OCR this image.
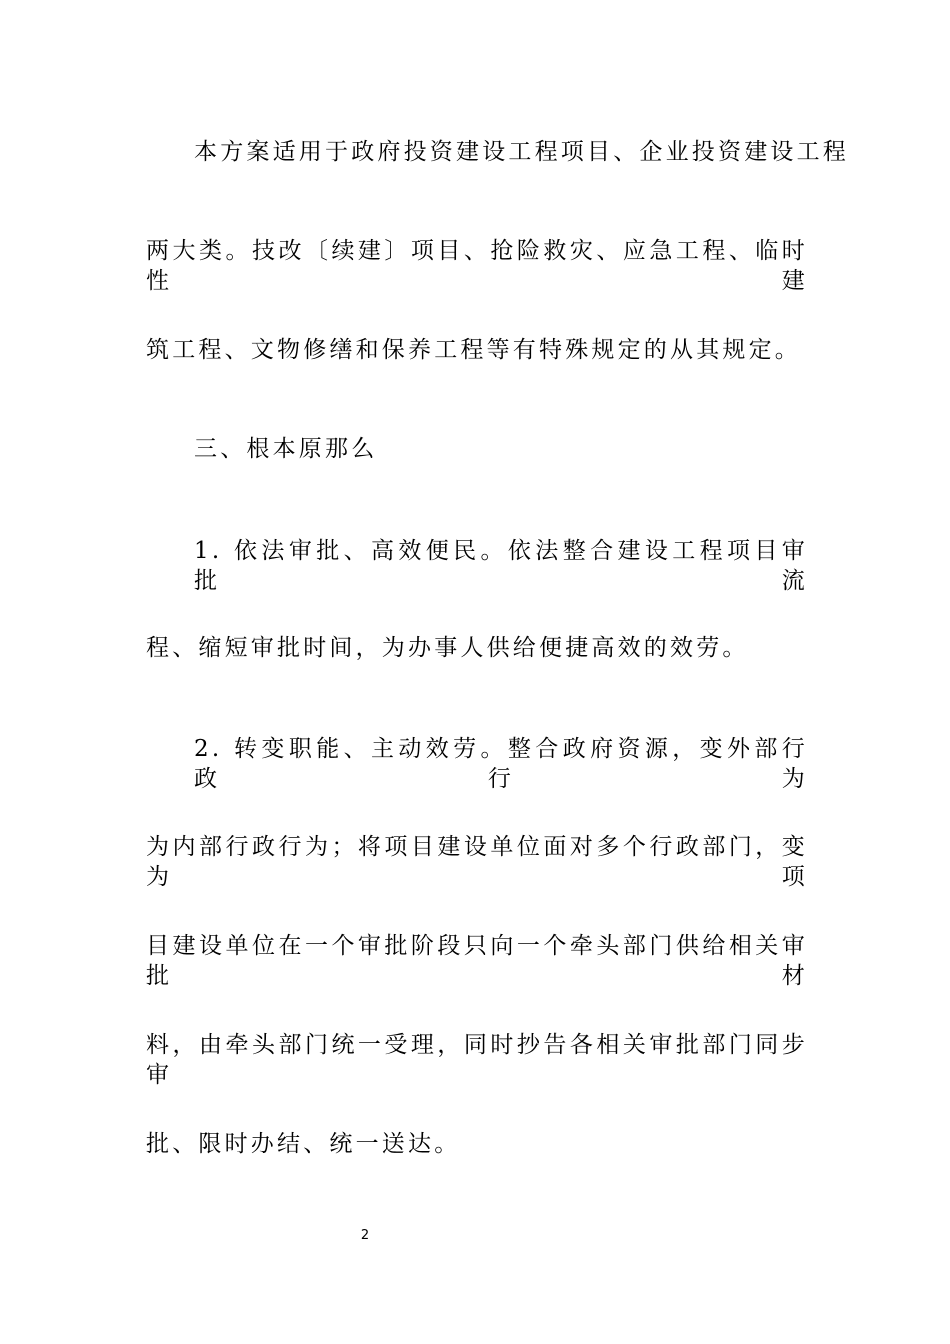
本方案适用于政府投资建设工程项目、企业投资建设工程
两大类。技改〔续建〕项目、抢险救灾、应急工程、临时性建
筑工程、文物修缮和保养工程等有特殊规定的从其规定。
三、根本原那么
1. 依法审批、高效便民。依法整合建设工程项目审批流
程、缩短审批时间，为办事人供给便捷高效的效劳。
2. 转变职能、主动效劳。整合政府资源，变外部行政行为
为内部行政行为；将项目建设单位面对多个行政部门，变为项
目建设单位在一个审批阶段只向一个牵头部门供给相关审批材
料，由牵头部门统一受理，同时抄告各相关审批部门同步审
批、限时办结、统一送达。
2
